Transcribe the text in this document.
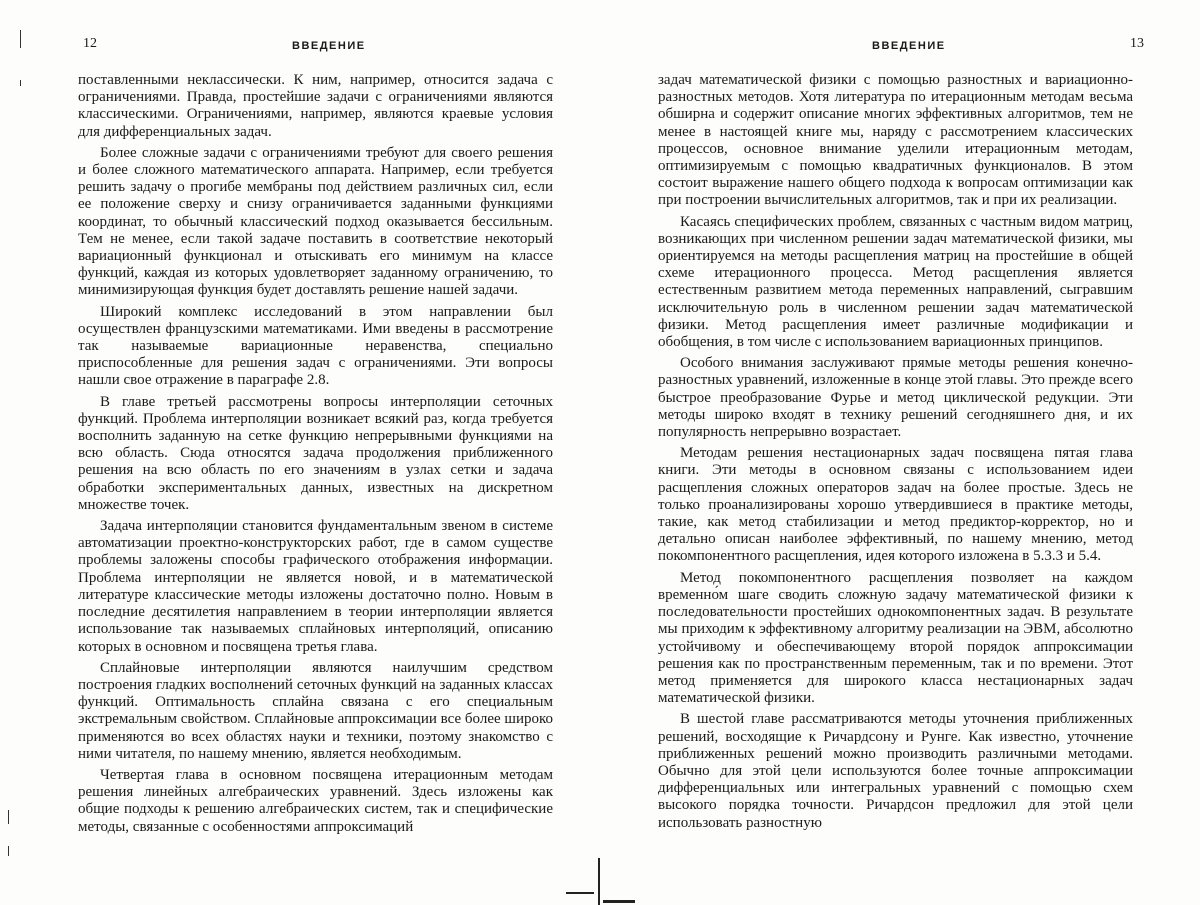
12	ВВЕДЕНИЕ

поставленными неклассически. К ним, например, относится задача с ограничениями. Правда, простейшие задачи с ограничениями являются классическими. Ограничениями, например, являются краевые условия для дифференциальных задач.

Более сложные задачи с ограничениями требуют для своего решения и более сложного математического аппарата. Например, если требуется решить задачу о прогибе мембраны под действием различных сил, если ее положение сверху и снизу ограничивается заданными функциями координат, то обычный классический подход оказывается бессильным. Тем не менее, если такой задаче поставить в соответствие некоторый вариационный функционал и отыскивать его минимум на классе функций, каждая из которых удовлетворяет заданному ограничению, то минимизирующая функция будет доставлять решение нашей задачи.

Широкий комплекс исследований в этом направлении был осуществлен французскими математиками. Ими введены в рассмотрение так называемые вариационные неравенства, специально приспособленные для решения задач с ограничениями. Эти вопросы нашли свое отражение в параграфе 2.8.

В главе третьей рассмотрены вопросы интерполяции сеточных функций. Проблема интерполяции возникает всякий раз, когда требуется восполнить заданную на сетке функцию непрерывными функциями на всю область. Сюда относятся задача продолжения приближенного решения на всю область по его значениям в узлах сетки и задача обработки экспериментальных данных, известных на дискретном множестве точек.

Задача интерполяции становится фундаментальным звеном в системе автоматизации проектно-конструкторских работ, где в самом существе проблемы заложены способы графического отображения информации. Проблема интерполяции не является новой, и в математической литературе классические методы изложены достаточно полно. Новым в последние десятилетия направлением в теории интерполяции является использование так называемых сплайновых интерполяций, описанию которых в основном и посвящена третья глава.

Сплайновые интерполяции являются наилучшим средством построения гладких восполнений сеточных функций на заданных классах функций. Оптимальность сплайна связана с его специальным экстремальным свойством. Сплайновые аппроксимации все более широко применяются во всех областях науки и техники, поэтому знакомство с ними читателя, по нашему мнению, является необходимым.

Четвертая глава в основном посвящена итерационным методам решения линейных алгебраических уравнений. Здесь изложены как общие подходы к решению алгебраических систем, так и специфические методы, связанные с особенностями аппроксимаций

ВВЕДЕНИЕ	13

задач математической физики с помощью разностных и вариационно-разностных методов. Хотя литература по итерационным методам весьма обширна и содержит описание многих эффективных алгоритмов, тем не менее в настоящей книге мы, наряду с рассмотрением классических процессов, основное внимание уделили итерационным методам, оптимизируемым с помощью квадратичных функционалов. В этом состоит выражение нашего общего подхода к вопросам оптимизации как при построении вычислительных алгоритмов, так и при их реализации.

Касаясь специфических проблем, связанных с частным видом матриц, возникающих при численном решении задач математической физики, мы ориентируемся на методы расщепления матриц на простейшие в общей схеме итерационного процесса. Метод расщепления является естественным развитием метода переменных направлений, сыгравшим исключительную роль в численном решении задач математической физики. Метод расщепления имеет различные модификации и обобщения, в том числе с использованием вариационных принципов.

Особого внимания заслуживают прямые методы решения конечно-разностных уравнений, изложенные в конце этой главы. Это прежде всего быстрое преобразование Фурье и метод циклической редукции. Эти методы широко входят в технику решений сегодняшнего дня, и их популярность непрерывно возрастает.

Методам решения нестационарных задач посвящена пятая глава книги. Эти методы в основном связаны с использованием идеи расщепления сложных операторов задач на более простые. Здесь не только проанализированы хорошо утвердившиеся в практике методы, такие, как метод стабилизации и метод предиктор-корректор, но и детально описан наиболее эффективный, по нашему мнению, метод покомпонентного расщепления, идея которого изложена в 5.3.3 и 5.4.

Метод покомпонентного расщепления позволяет на каждом временно́м шаге сводить сложную задачу математической физики к последовательности простейших однокомпонентных задач. В результате мы приходим к эффективному алгоритму реализации на ЭВМ, абсолютно устойчивому и обеспечивающему второй порядок аппроксимации решения как по пространственным переменным, так и по времени. Этот метод применяется для широкого класса нестационарных задач математической физики.

В шестой главе рассматриваются методы уточнения приближенных решений, восходящие к Ричардсону и Рунге. Как известно, уточнение приближенных решений можно производить различными методами. Обычно для этой цели используются более точные аппроксимации дифференциальных или интегральных уравнений с помощью схем высокого порядка точности. Ричардсон предложил для этой цели использовать разностную
